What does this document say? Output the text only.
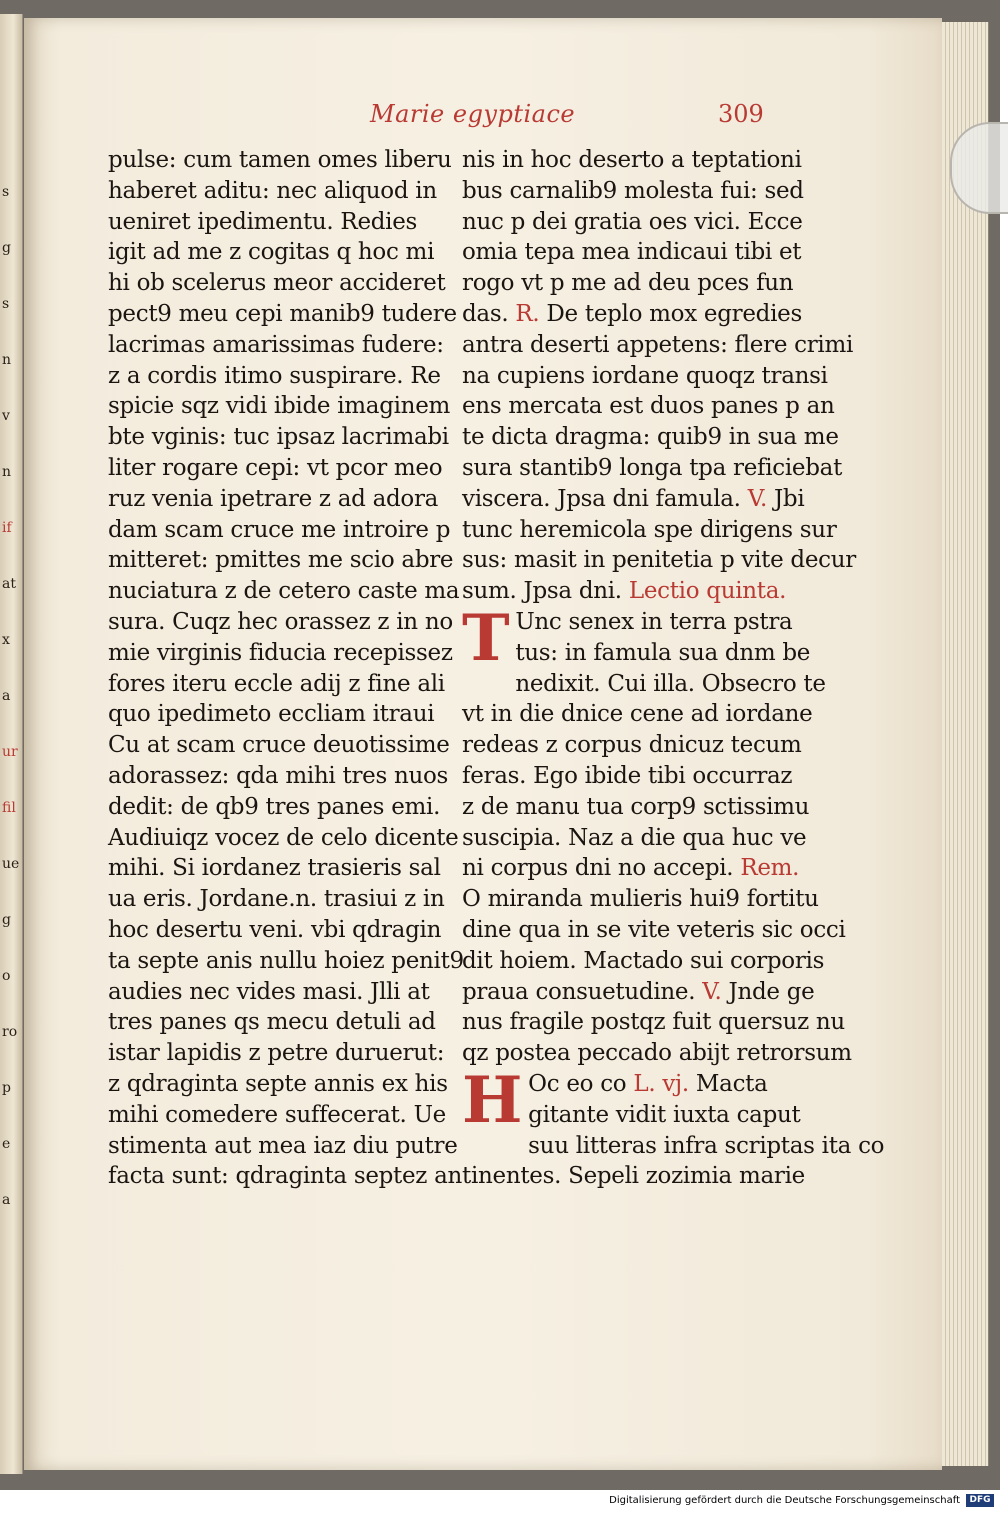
s
g
s
n
v
n
if
at
x
a
ur
fil
ue
g
o
ro
p
e
a
Marie egyptiace	309
pulse: cum tamen omes liberu
haberet aditu: nec aliquod in
ueniret ipedimentu. Redies
igit ad me z cogitas q hoc mi
hi ob scelerus meor accideret
pect9 meu cepi manib9 tudere
lacrimas amarissimas fudere:
z a cordis itimo suspirare. Re
spicie sqz vidi ibide imaginem
bte vginis: tuc ipsaz lacrimabi
liter rogare cepi: vt pcor meo
ruz venia ipetrare z ad adora
dam scam cruce me introire p
mitteret: pmittes me scio abre
nuciatura z de cetero caste ma
sura. Cuqz hec orassez z in no
mie virginis fiducia recepissez
fores iteru eccle adij z fine ali
quo ipedimeto eccliam itraui
Cu at scam cruce deuotissime
adorassez: qda mihi tres nuos
dedit: de qb9 tres panes emi.
Audiuiqz vocez de celo dicente
mihi. Si iordanez trasieris sal
ua eris. Jordane.n. trasiui z in
hoc desertu veni. vbi qdragin
ta septe anis nullu hoiez penit9
audies nec vides masi. Jlli at
tres panes qs mecu detuli ad
istar lapidis z petre duruerut:
z qdraginta septe annis ex his
mihi comedere suffecerat. Ue
stimenta aut mea iaz diu putre
facta sunt: qdraginta septez an
nis in hoc deserto a teptationi
bus carnalib9 molesta fui: sed
nuc p dei gratia oes vici. Ecce
omia tepa mea indicaui tibi et
rogo vt p me ad deu pces fun
das. R. De teplo mox egredies
antra deserti appetens: flere crimi
na cupiens iordane quoqz transi
ens mercata est duos panes p an
te dicta dragma: quib9 in sua me
sura stantib9 longa tpa reficiebat
viscera. Jpsa dni famula. V. Jbi
tunc heremicola spe dirigens sur
sus: masit in penitetia p vite decur
sum. Jpsa dni. Lectio quinta.
T Unc senex in terra pstra
tus: in famula sua dnm be
nedixit. Cui illa. Obsecro te
vt in die dnice cene ad iordane
redeas z corpus dnicuz tecum
feras. Ego ibide tibi occurraz
z de manu tua corp9 sctissimu
suscipia. Naz a die qua huc ve
ni corpus dni no accepi. Rem.
O miranda mulieris hui9 fortitu
dine qua in se vite veteris sic occi
dit hoiem. Mactado sui corporis
praua consuetudine. V. Jnde ge
nus fragile postqz fuit quersuz nu
qz postea peccado abijt retrorsum
H Oc eo co L. vj. Macta
gitante vidit iuxta caput
suu litteras infra scriptas ita co
tinentes. Sepeli zozimia marie
Digitalisierung gefördert durch die Deutsche Forschungsgemeinschaft	DFG
